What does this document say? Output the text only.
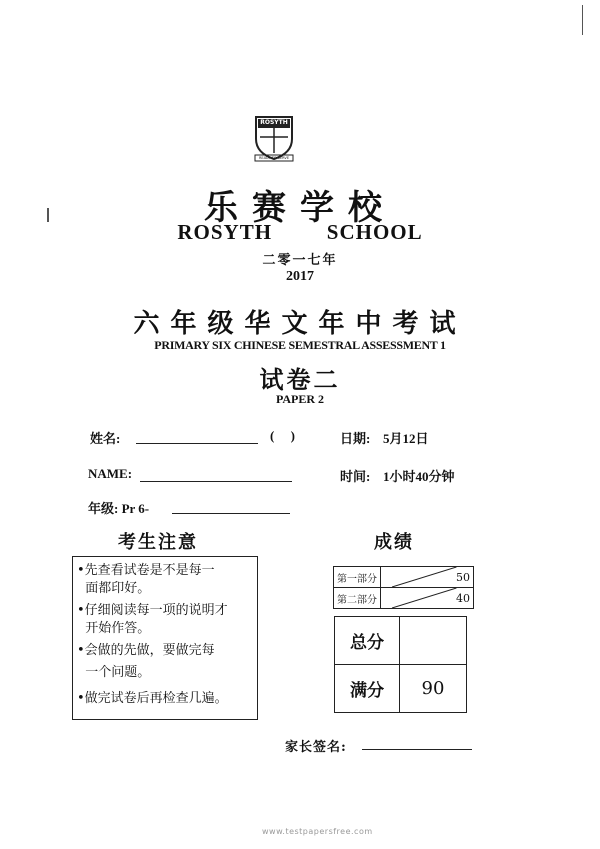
ROSYTH
READY TO SERVE
乐赛学校
ROSYTH   SCHOOL
二零一七年
2017
六年级华文年中考试
PRIMARY SIX CHINESE SEMESTRAL ASSESSMENT 1
试卷二
PAPER 2
姓名:	(     )	日期: 5月12日
NAME:	时间: 1小时40分钟
年级: Pr 6-
考生注意
•先查看试卷是不是每一
面都印好。
•仔细阅读每一项的说明才
开始作答。
•会做的先做，要做完每
一个问题。
•做完试卷后再检查几遍。
成绩
第一部分	50
第二部分	40
总分	
满分	90
家长签名:
www.testpapersfree.com
